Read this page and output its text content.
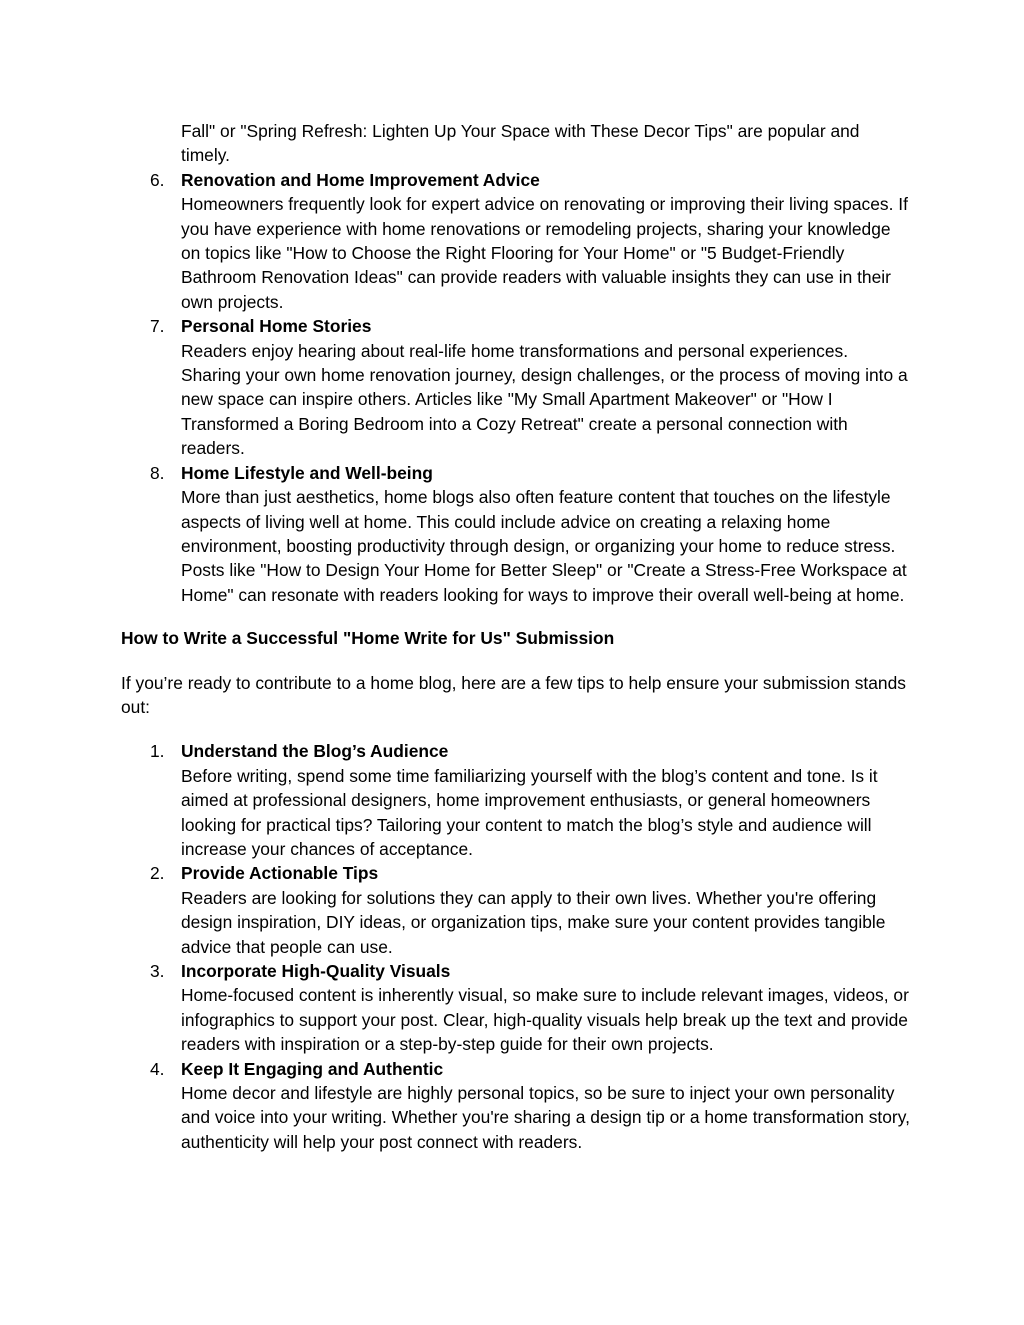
Fall" or "Spring Refresh: Lighten Up Your Space with These Decor Tips" are popular and timely.
6. Renovation and Home Improvement Advice
Homeowners frequently look for expert advice on renovating or improving their living spaces. If you have experience with home renovations or remodeling projects, sharing your knowledge on topics like "How to Choose the Right Flooring for Your Home" or "5 Budget-Friendly Bathroom Renovation Ideas" can provide readers with valuable insights they can use in their own projects.
7. Personal Home Stories
Readers enjoy hearing about real-life home transformations and personal experiences. Sharing your own home renovation journey, design challenges, or the process of moving into a new space can inspire others. Articles like "My Small Apartment Makeover" or "How I Transformed a Boring Bedroom into a Cozy Retreat" create a personal connection with readers.
8. Home Lifestyle and Well-being
More than just aesthetics, home blogs also often feature content that touches on the lifestyle aspects of living well at home. This could include advice on creating a relaxing home environment, boosting productivity through design, or organizing your home to reduce stress. Posts like "How to Design Your Home for Better Sleep" or "Create a Stress-Free Workspace at Home" can resonate with readers looking for ways to improve their overall well-being at home.
How to Write a Successful "Home Write for Us" Submission
If you’re ready to contribute to a home blog, here are a few tips to help ensure your submission stands out:
1. Understand the Blog’s Audience
Before writing, spend some time familiarizing yourself with the blog’s content and tone. Is it aimed at professional designers, home improvement enthusiasts, or general homeowners looking for practical tips? Tailoring your content to match the blog’s style and audience will increase your chances of acceptance.
2. Provide Actionable Tips
Readers are looking for solutions they can apply to their own lives. Whether you're offering design inspiration, DIY ideas, or organization tips, make sure your content provides tangible advice that people can use.
3. Incorporate High-Quality Visuals
Home-focused content is inherently visual, so make sure to include relevant images, videos, or infographics to support your post. Clear, high-quality visuals help break up the text and provide readers with inspiration or a step-by-step guide for their own projects.
4. Keep It Engaging and Authentic
Home decor and lifestyle are highly personal topics, so be sure to inject your own personality and voice into your writing. Whether you're sharing a design tip or a home transformation story, authenticity will help your post connect with readers.
